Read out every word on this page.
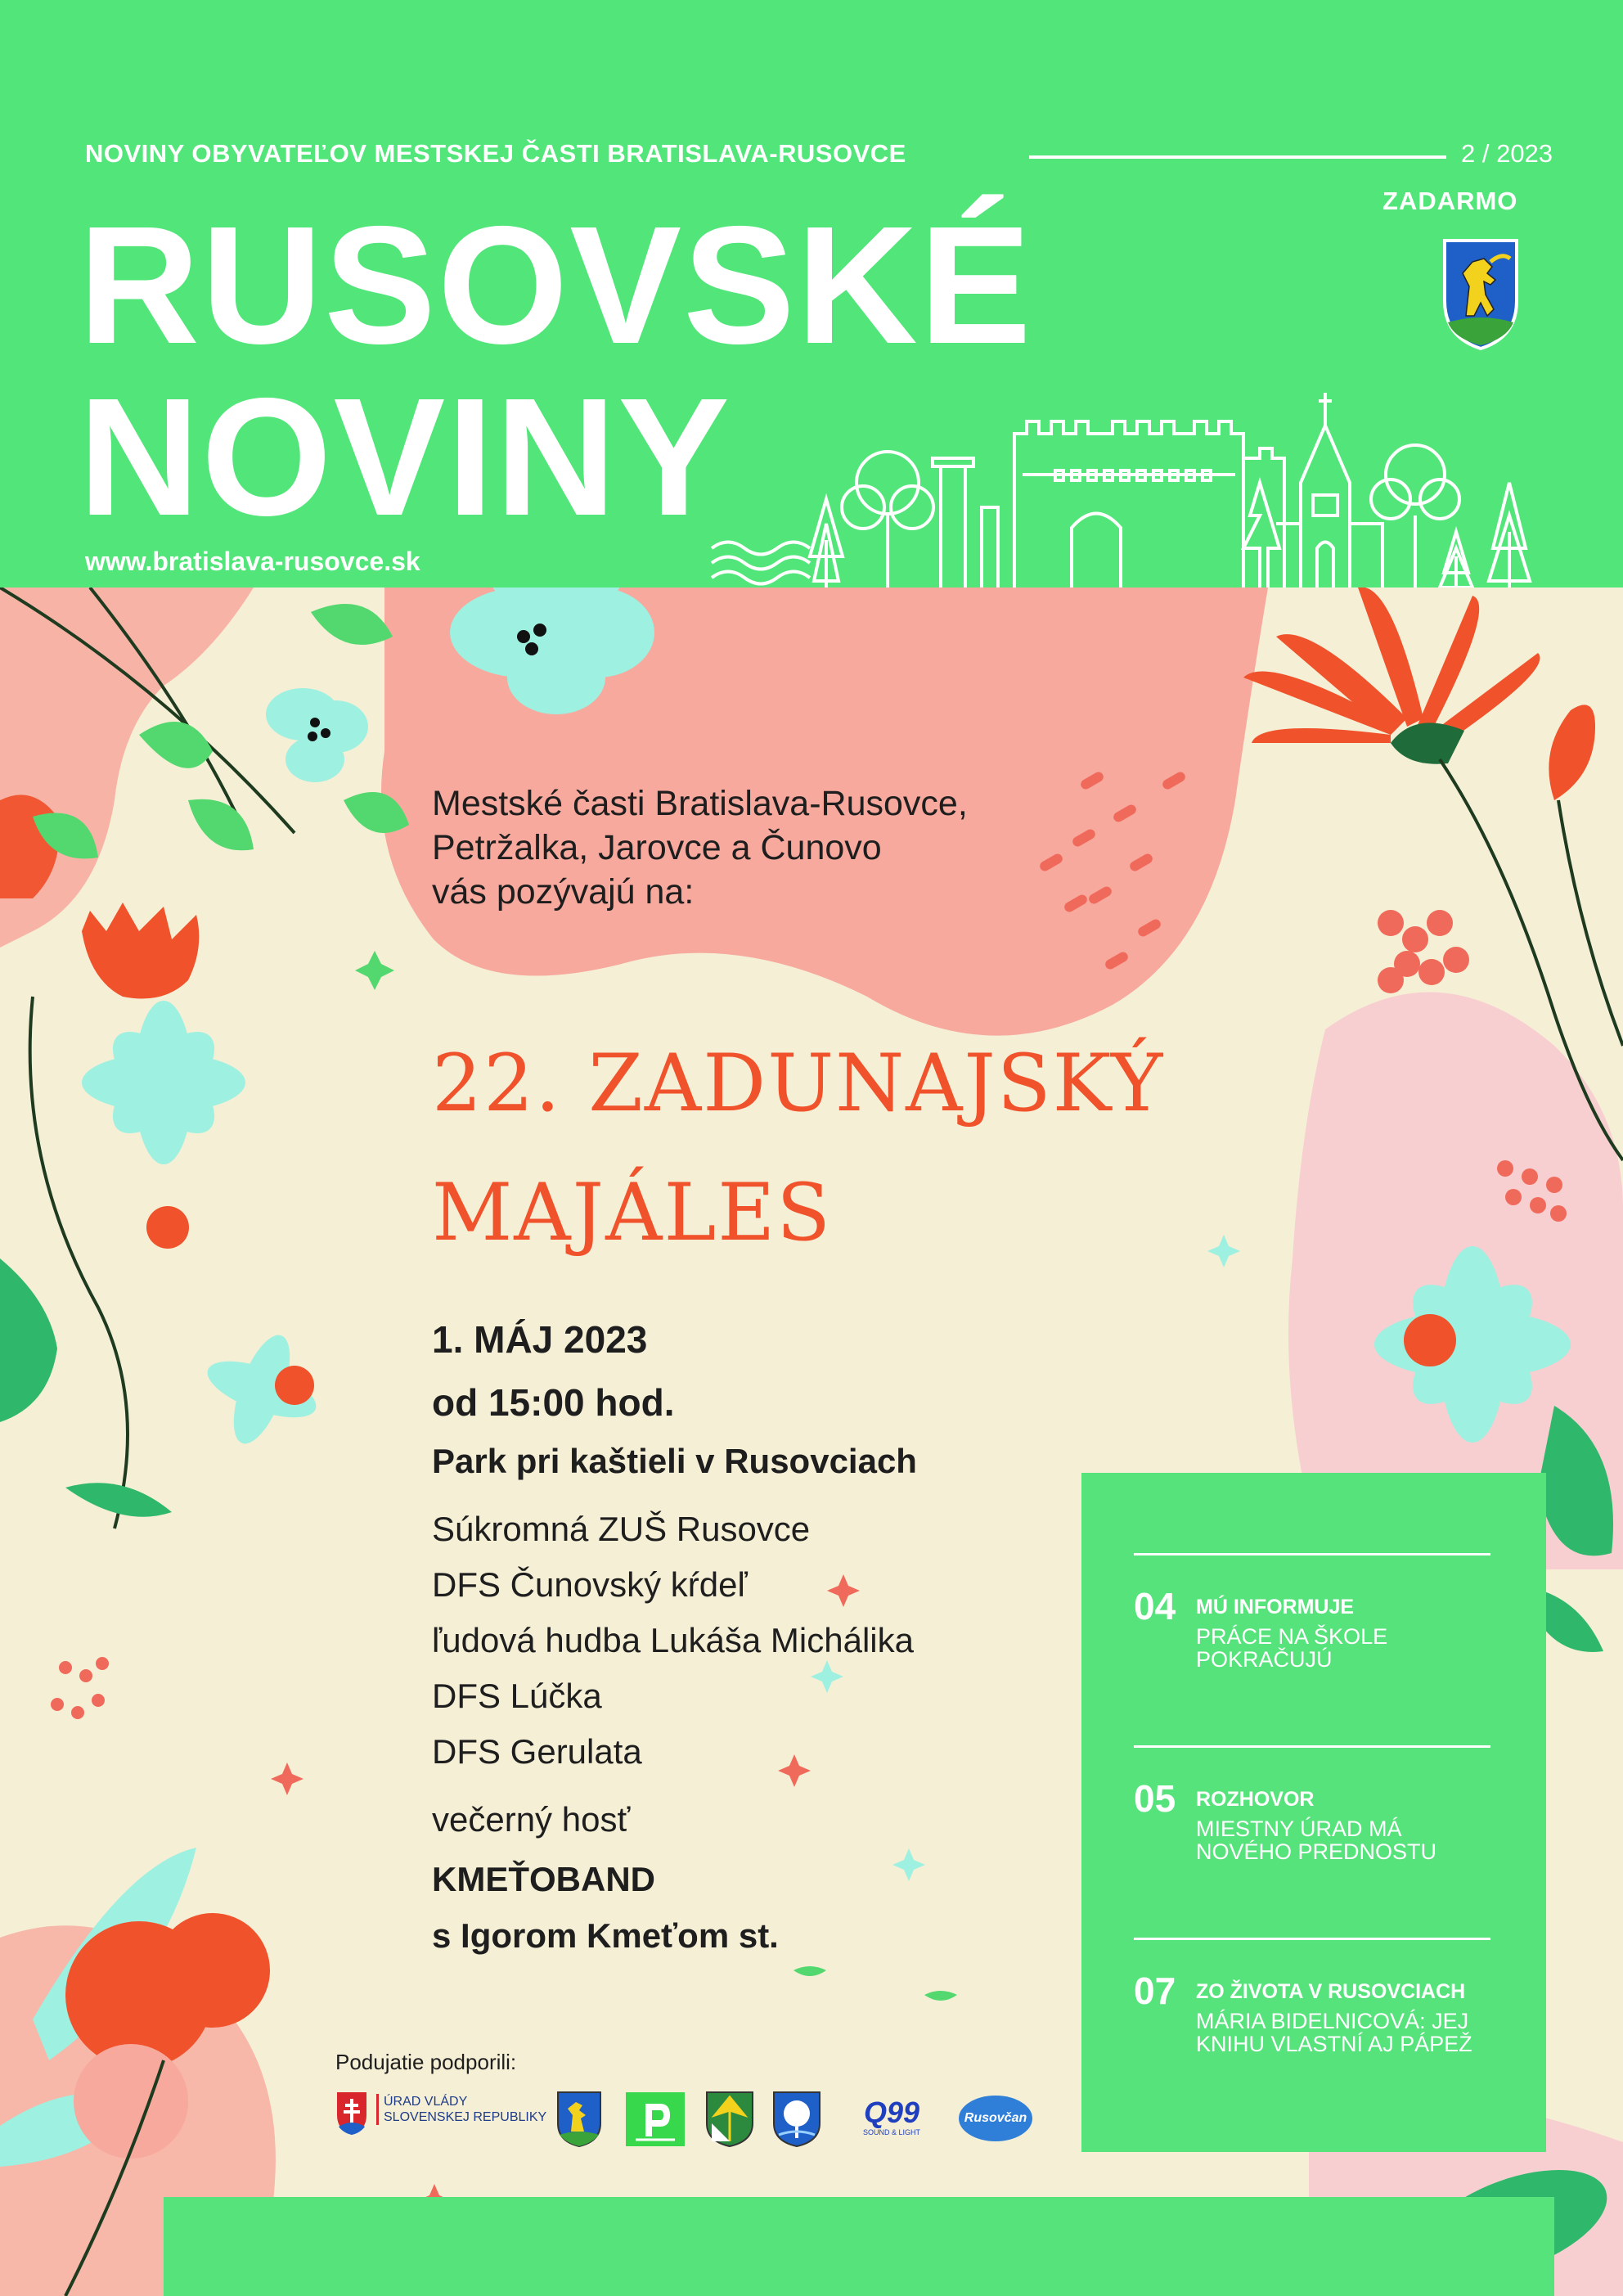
NOVINY OBYVATEĽOV MESTSKEJ ČASTI BRATISLAVA-RUSOVCE	2 / 2023
ZADARMO
RUSOVSKÉ
NOVINY
www.bratislava-rusovce.sk
Mestské časti Bratislava-Rusovce,
Petržalka, Jarovce a Čunovo
vás pozývajú na:
22. ZADUNAJSKÝ
MAJÁLES
1. MÁJ 2023
od 15:00 hod.
Park pri kaštieli v Rusovciach
Súkromná ZUŠ Rusovce
DFS Čunovský kŕdeľ
ľudová hudba Lukáša Michálika
DFS Lúčka
DFS Gerulata
večerný hosť
KMEŤOBAND
s Igorom Kmeťom st.
Podujatie podporili:
ÚRAD VLÁDY
SLOVENSKEJ REPUBLIKY	Q99
SOUND & LIGHT
Rusovčan
04 MÚ INFORMUJE
PRÁCE NA ŠKOLE POKRAČUJÚ
05 ROZHOVOR
MIESTNY ÚRAD MÁ NOVÉHO PREDNOSTU
07 ZO ŽIVOTA V RUSOVCIACH
MÁRIA BIDELNICOVÁ: JEJ KNIHU VLASTNÍ AJ PÁPEŽ
